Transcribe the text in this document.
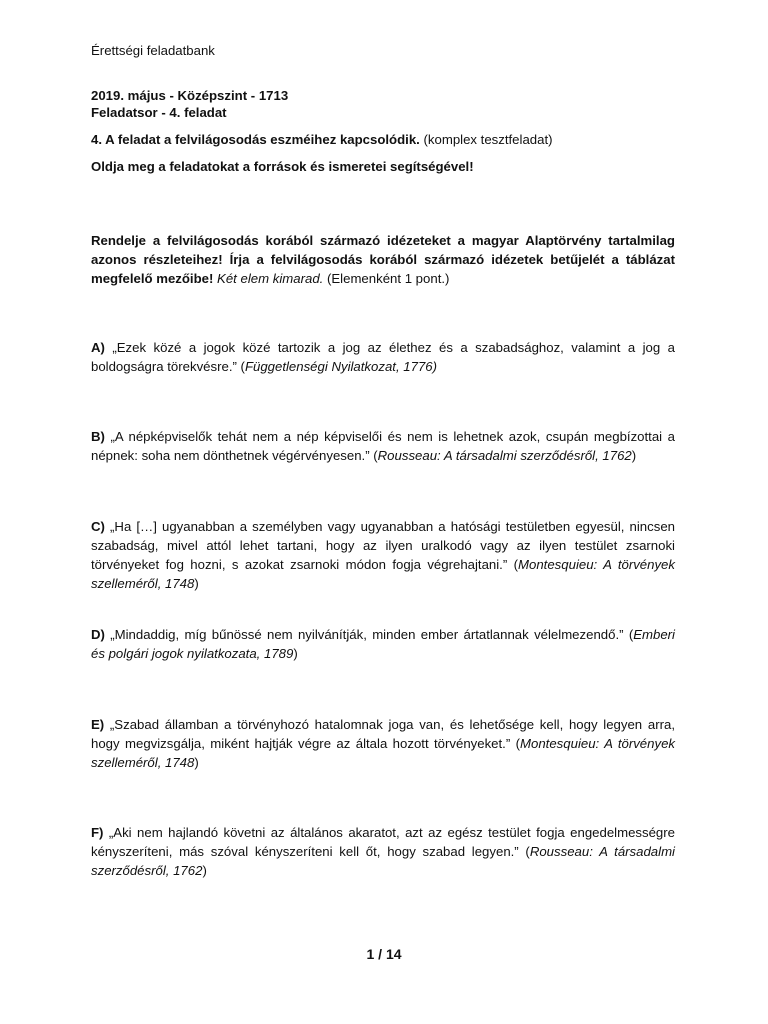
Érettségi feladatbank
2019. május - Középszint - 1713
Feladatsor - 4. feladat
4. A feladat a felvilágosodás eszméihez kapcsolódik. (komplex tesztfeladat)
Oldja meg a feladatokat a források és ismeretei segítségével!
Rendelje a felvilágosodás korából származó idézeteket a magyar Alaptörvény tartalmilag azonos részleteihez! Írja a felvilágosodás korából származó idézetek betűjelét a táblázat megfelelő mezőibe! Két elem kimarad. (Elemenként 1 pont.)
A) „Ezek közé a jogok közé tartozik a jog az élethez és a szabadsághoz, valamint a jog a boldogságra törekvésre.” (Függetlenségi Nyilatkozat, 1776)
B) „A népképviselők tehát nem a nép képviselői és nem is lehetnek azok, csupán megbízottai a népnek: soha nem dönthetnek végérvényesen.” (Rousseau: A társadalmi szerződésről, 1762)
C) „Ha […] ugyanabban a személyben vagy ugyanabban a hatósági testületben egyesül, nincsen szabadság, mivel attól lehet tartani, hogy az ilyen uralkodó vagy az ilyen testület zsarnoki törvényeket fog hozni, s azokat zsarnoki módon fogja végrehajtani.” (Montesquieu: A törvények szelleméről, 1748)
D) „Mindaddig, míg bűnössé nem nyilvánítják, minden ember ártatlannak vélelmezendő.” (Emberi és polgári jogok nyilatkozata, 1789)
E) „Szabad államban a törvényhozó hatalomnak joga van, és lehetősége kell, hogy legyen arra, hogy megvizsgálja, miként hajtják végre az általa hozott törvényeket.” (Montesquieu: A törvények szelleméről, 1748)
F) „Aki nem hajlandó követni az általános akaratot, azt az egész testület fogja engedelmességre kényszeríteni, más szóval kényszeríteni kell őt, hogy szabad legyen.” (Rousseau: A társadalmi szerződésről, 1762)
1 / 14
